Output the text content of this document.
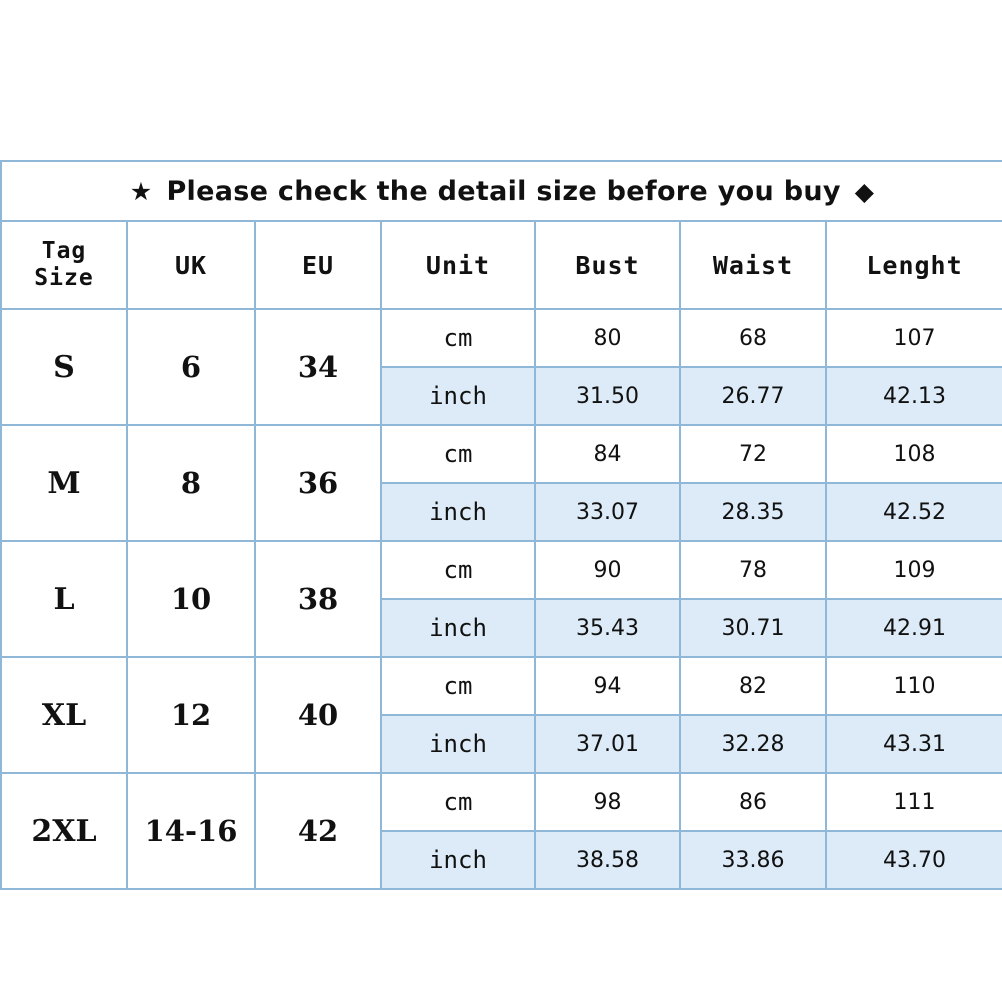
★ Please check the detail size before you buy ◆						

Tag
Size	UK	EU	Unit	Bust	Waist	Lenght
S	6	34	cm	80	68	107
			inch	31.50	26.77	42.13
M	8	36	cm	84	72	108
			inch	33.07	28.35	42.52
L	10	38	cm	90	78	109
			inch	35.43	30.71	42.91
XL	12	40	cm	94	82	110
			inch	37.01	32.28	43.31
2XL	14-16	42	cm	98	86	111
			inch	38.58	33.86	43.70
